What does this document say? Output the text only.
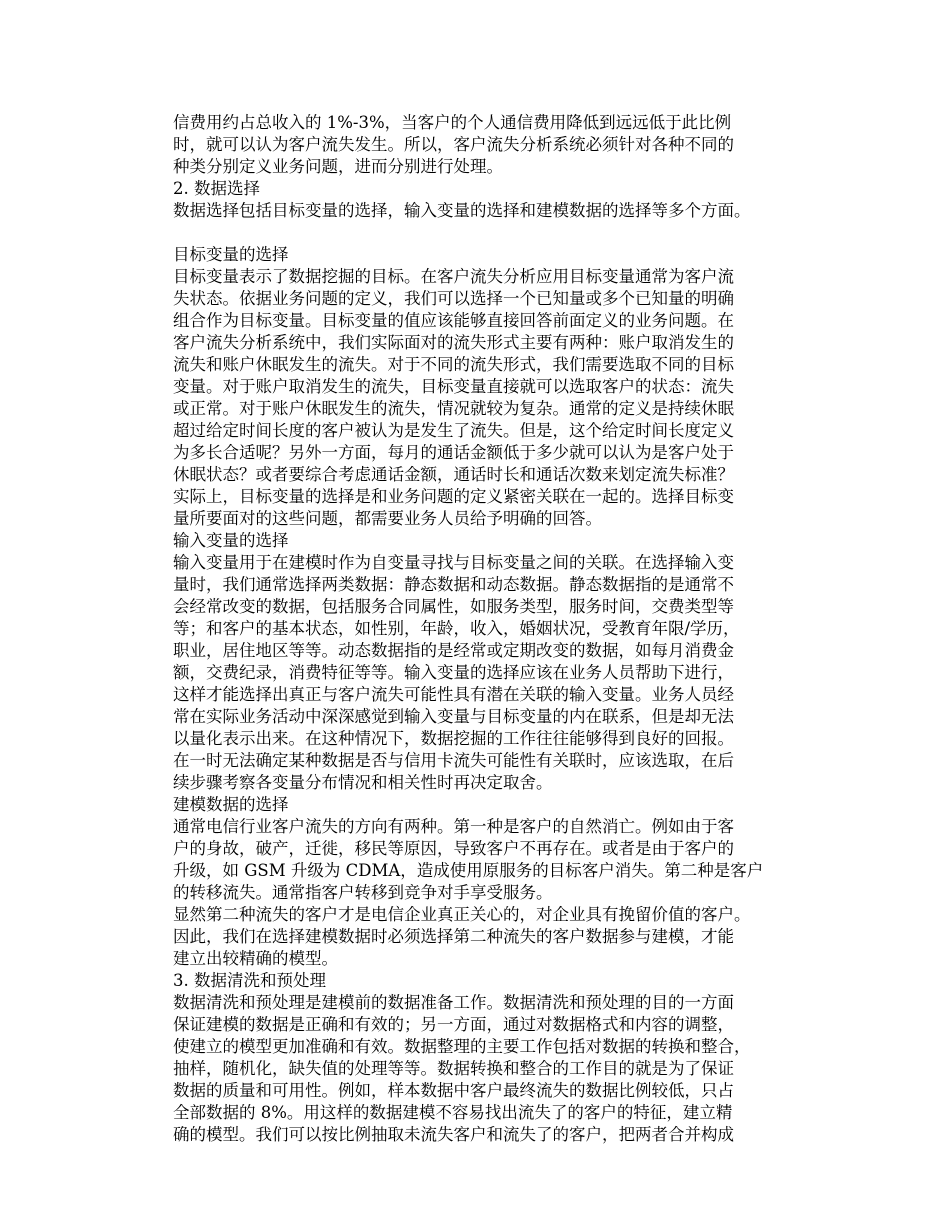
信费用约占总收入的 1%-3%，当客户的个人通信费用降低到远远低于此比例
时，就可以认为客户流失发生。所以，客户流失分析系统必须针对各种不同的
种类分别定义业务问题，进而分别进行处理。
2. 数据选择
数据选择包括目标变量的选择，输入变量的选择和建模数据的选择等多个方面。
目标变量的选择
目标变量表示了数据挖掘的目标。在客户流失分析应用目标变量通常为客户流
失状态。依据业务问题的定义，我们可以选择一个已知量或多个已知量的明确
组合作为目标变量。目标变量的值应该能够直接回答前面定义的业务问题。在
客户流失分析系统中，我们实际面对的流失形式主要有两种：账户取消发生的
流失和账户休眠发生的流失。对于不同的流失形式，我们需要选取不同的目标
变量。对于账户取消发生的流失，目标变量直接就可以选取客户的状态：流失
或正常。对于账户休眠发生的流失，情况就较为复杂。通常的定义是持续休眠
超过给定时间长度的客户被认为是发生了流失。但是，这个给定时间长度定义
为多长合适呢？另外一方面，每月的通话金额低于多少就可以认为是客户处于
休眠状态？或者要综合考虑通话金额，通话时长和通话次数来划定流失标准？
实际上，目标变量的选择是和业务问题的定义紧密关联在一起的。选择目标变
量所要面对的这些问题，都需要业务人员给予明确的回答。
输入变量的选择
输入变量用于在建模时作为自变量寻找与目标变量之间的关联。在选择输入变
量时，我们通常选择两类数据：静态数据和动态数据。静态数据指的是通常不
会经常改变的数据，包括服务合同属性，如服务类型，服务时间，交费类型等
等；和客户的基本状态，如性别，年龄，收入，婚姻状况，受教育年限/学历，
职业，居住地区等等。动态数据指的是经常或定期改变的数据，如每月消费金
额，交费纪录，消费特征等等。输入变量的选择应该在业务人员帮助下进行，
这样才能选择出真正与客户流失可能性具有潜在关联的输入变量。业务人员经
常在实际业务活动中深深感觉到输入变量与目标变量的内在联系，但是却无法
以量化表示出来。在这种情况下，数据挖掘的工作往往能够得到良好的回报。
在一时无法确定某种数据是否与信用卡流失可能性有关联时，应该选取，在后
续步骤考察各变量分布情况和相关性时再决定取舍。
建模数据的选择
通常电信行业客户流失的方向有两种。第一种是客户的自然消亡。例如由于客
户的身故，破产，迁徙，移民等原因，导致客户不再存在。或者是由于客户的
升级，如 GSM 升级为 CDMA，造成使用原服务的目标客户消失。第二种是客户
的转移流失。通常指客户转移到竞争对手享受服务。
显然第二种流失的客户才是电信企业真正关心的，对企业具有挽留价值的客户。
因此，我们在选择建模数据时必须选择第二种流失的客户数据参与建模，才能
建立出较精确的模型。
3. 数据清洗和预处理
数据清洗和预处理是建模前的数据准备工作。数据清洗和预处理的目的一方面
保证建模的数据是正确和有效的；另一方面，通过对数据格式和内容的调整，
使建立的模型更加准确和有效。数据整理的主要工作包括对数据的转换和整合，
抽样，随机化，缺失值的处理等等。数据转换和整合的工作目的就是为了保证
数据的质量和可用性。例如，样本数据中客户最终流失的数据比例较低，只占
全部数据的 8%。用这样的数据建模不容易找出流失了的客户的特征，建立精
确的模型。我们可以按比例抽取未流失客户和流失了的客户，把两者合并构成
